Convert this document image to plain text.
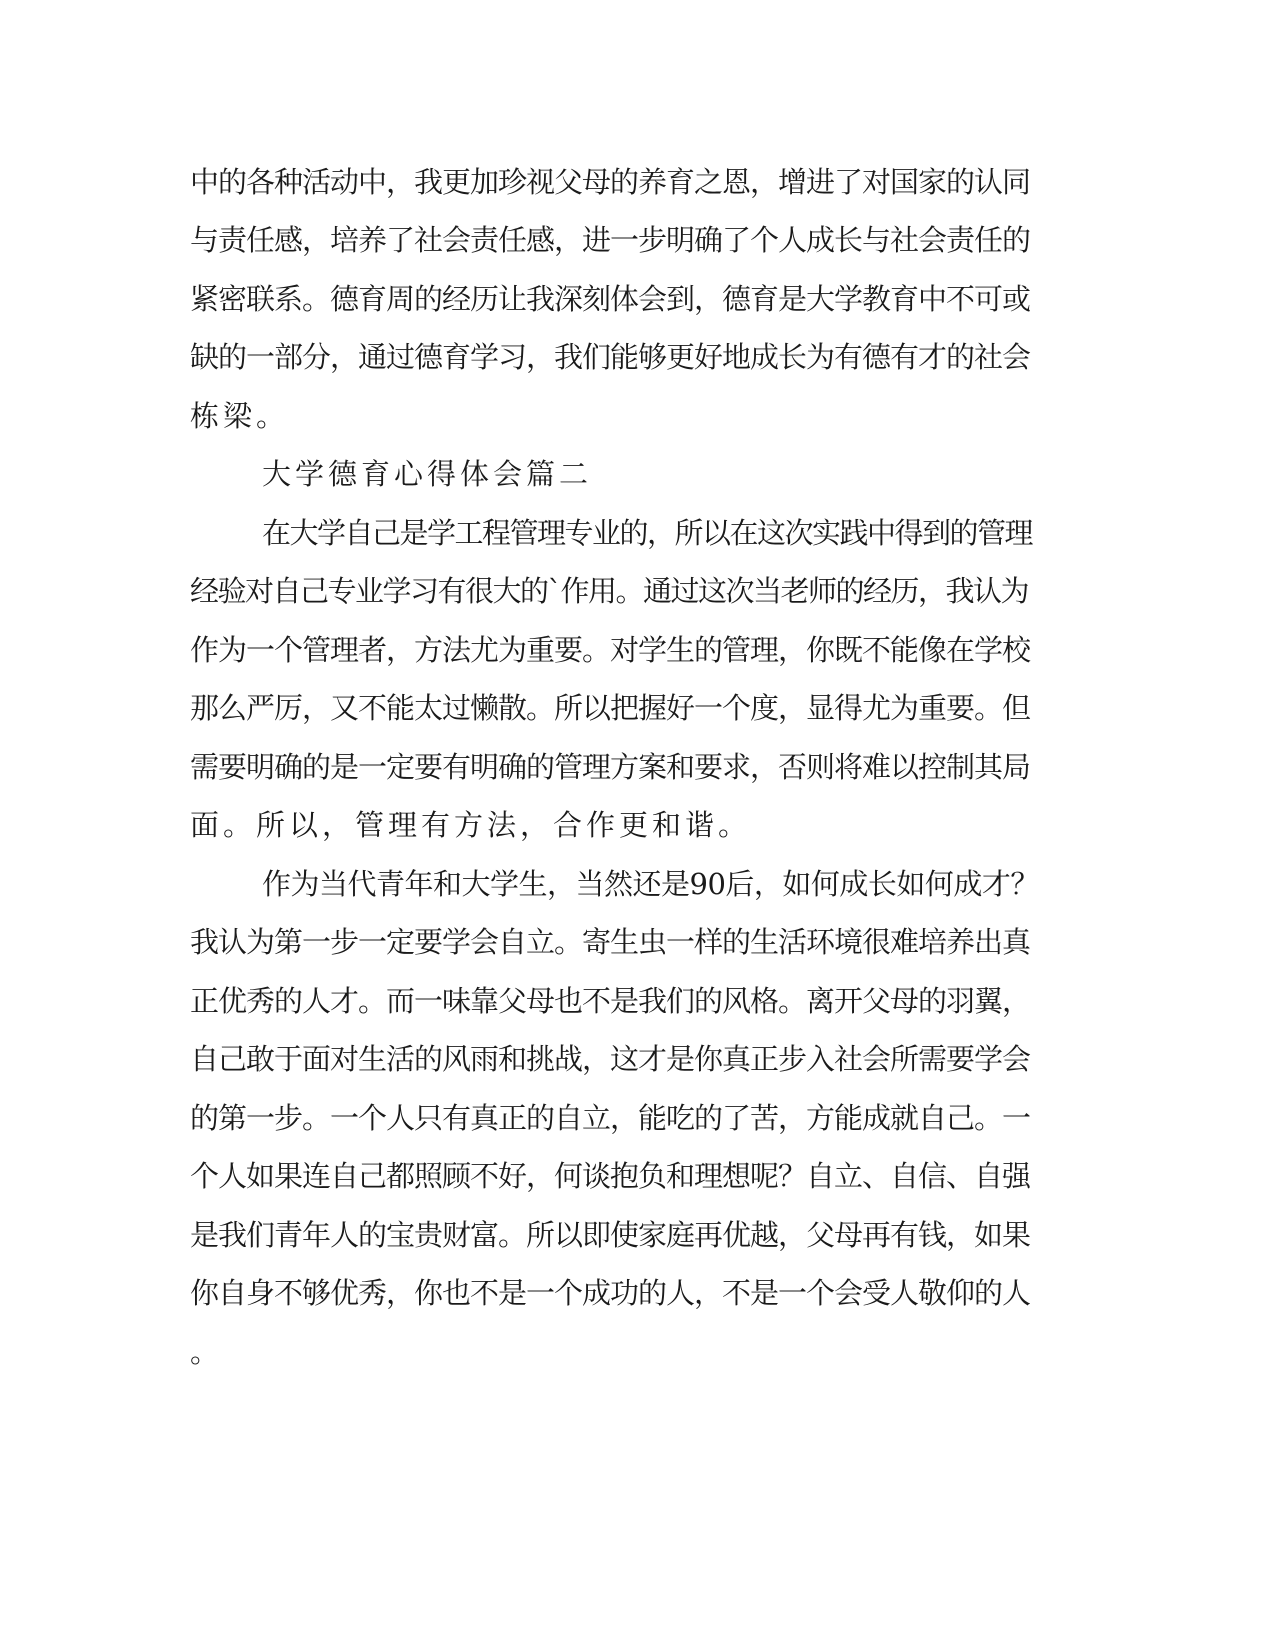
中的各种活动中，我更加珍视父母的养育之恩，增进了对国家的认同

与责任感，培养了社会责任感，进一步明确了个人成长与社会责任的

紧密联系。德育周的经历让我深刻体会到，德育是大学教育中不可或

缺的一部分，通过德育学习，我们能够更好地成长为有德有才的社会

栋梁。

大学德育心得体会篇二

在大学自己是学工程管理专业的，所以在这次实践中得到的管理

经验对自己专业学习有很大的`作用。通过这次当老师的经历，我认为

作为一个管理者，方法尤为重要。对学生的管理，你既不能像在学校

那么严厉，又不能太过懒散。所以把握好一个度，显得尤为重要。但

需要明确的是一定要有明确的管理方案和要求，否则将难以控制其局

面。所以，管理有方法，合作更和谐。

作为当代青年和大学生，当然还是90后，如何成长如何成才？

我认为第一步一定要学会自立。寄生虫一样的生活环境很难培养出真

正优秀的人才。而一味靠父母也不是我们的风格。离开父母的羽翼，

自己敢于面对生活的风雨和挑战，这才是你真正步入社会所需要学会

的第一步。一个人只有真正的自立，能吃的了苦，方能成就自己。一

个人如果连自己都照顾不好，何谈抱负和理想呢？自立、自信、自强

是我们青年人的宝贵财富。所以即使家庭再优越，父母再有钱，如果

你自身不够优秀，你也不是一个成功的人，不是一个会受人敬仰的人

。
